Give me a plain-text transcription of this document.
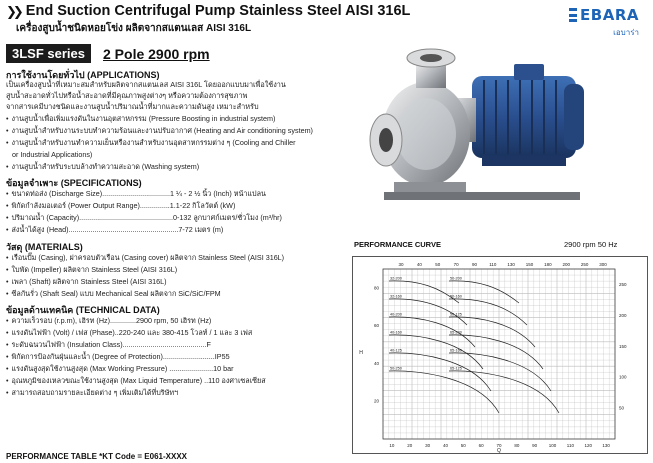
❯❯ End Suction Centrifugal Pump Stainless Steel AISI 316L
เครื่องสูบน้ำชนิดหอยโข่ง ผลิตจากสแตนเลส AISI 316L
EBARA
เอบาร่า
3LSF series	2 Pole 2900 rpm
การใช้งานโดยทั่วไป (APPLICATIONS)
เป็นเครื่องสูบน้ำที่เหมาะสมสำหรับผลิตจากสแตนเลส AISI 316L โดยออกแบบมาเพื่อใช้งาน
สูบน้ำสะอาดทั่วไปหรือน้ำสะอาดที่มีคุณภาพสูงต่างๆ หรือความต้องการสุขภาพ
จากสารเคมีบางชนิดและงานสูบน้ำปริมาณน้ำที่มากและความดันสูง เหมาะสำหรับ
• งานสูบน้ำเพื่อเพิ่มแรงดันในงานอุตสาหกรรม (Pressure Boosting in industrial system)
• งานสูบน้ำสำหรับงานระบบทำความร้อนและงานปรับอากาศ (Heating and Air conditioning system)
• งานสูบน้ำสำหรับงานทำความเย็นหรืองานสำหรับงานอุตสาหกรรมต่าง ๆ (Cooling and Chiller
or Industrial Applications)
• งานสูบน้ำสำหรับระบบล้างทำความสะอาด (Washing system)
ข้อมูลจำเพาะ (SPECIFICATIONS)
• ขนาดท่อส่ง (Discharge Size)..................................1 ¼ - 2 ½ นิ้ว (Inch) หน้าแปลน
• พิกัดกำลังมอเตอร์ (Power Output Range)...............1.1-22 กิโลวัตต์ (kW)
• ปริมาณน้ำ (Capacity)...............................................0-132 ลูกบาศก์เมตร/ชั่วโมง (m³/hr)
• ส่งน้ำได้สูง (Head).......................................................7-72 เมตร (m)
วัสดุ (MATERIALS)
• เรือนปั๊ม (Casing), ฝาครอบตัวเรือน (Casing cover) ผลิตจาก Stainless Steel (AISI 316L)
• ใบพัด (Impeller) ผลิตจาก Stainless Steel (AISI 316L)
• เพลา (Shaft) ผลิตจาก Stainless Steel (AISI 316L)
• ซีลกันรั่ว (Shaft Seal) แบบ Mechanical Seal ผลิตจาก SiC/SiC/FPM
ข้อมูลด้านเทคนิค (TECHNICAL DATA)
• ความเร็วรอบ (r.p.m), เฮิรท (Hz).............2900 rpm, 50 เฮิรท (Hz)
• แรงดันไฟฟ้า (Volt) / เฟส (Phase)..220-240 และ 380-415 โวลท์ / 1 และ 3 เฟส
• ระดับฉนวนไฟฟ้า (Insulation Class)..........................................F
• พิกัดการป้องกันฝุ่นและน้ำ (Degree of Protection)..........................IP55
• แรงดันสูงสุดใช้งานสูงสุด (Max Working Pressure) ......................10 bar
• อุณหภูมิของเหลวขณะใช้งานสูงสุด (Max Liquid Temperature) ..110 องศาเซลเซียส
• สามารถสอบถามรายละเอียดต่าง ๆ เพิ่มเติมได้ที่บริษัทฯ
PERFORMANCE TABLE *KT Code = E061-XXXX
PERFORMANCE CURVE	2900 rpm 50 Hz
30	40	50	70	90	110 130 150 180 200 250 300
10	20	30	40	50	60	70	80	90	100 110 120 130
20
40
60
80
50
100
150
200
250
Q
H
32-200
32-160
40-200
40-160
40-125
50-250
50-200
50-160
50-125
65-200
65-160
65-125
